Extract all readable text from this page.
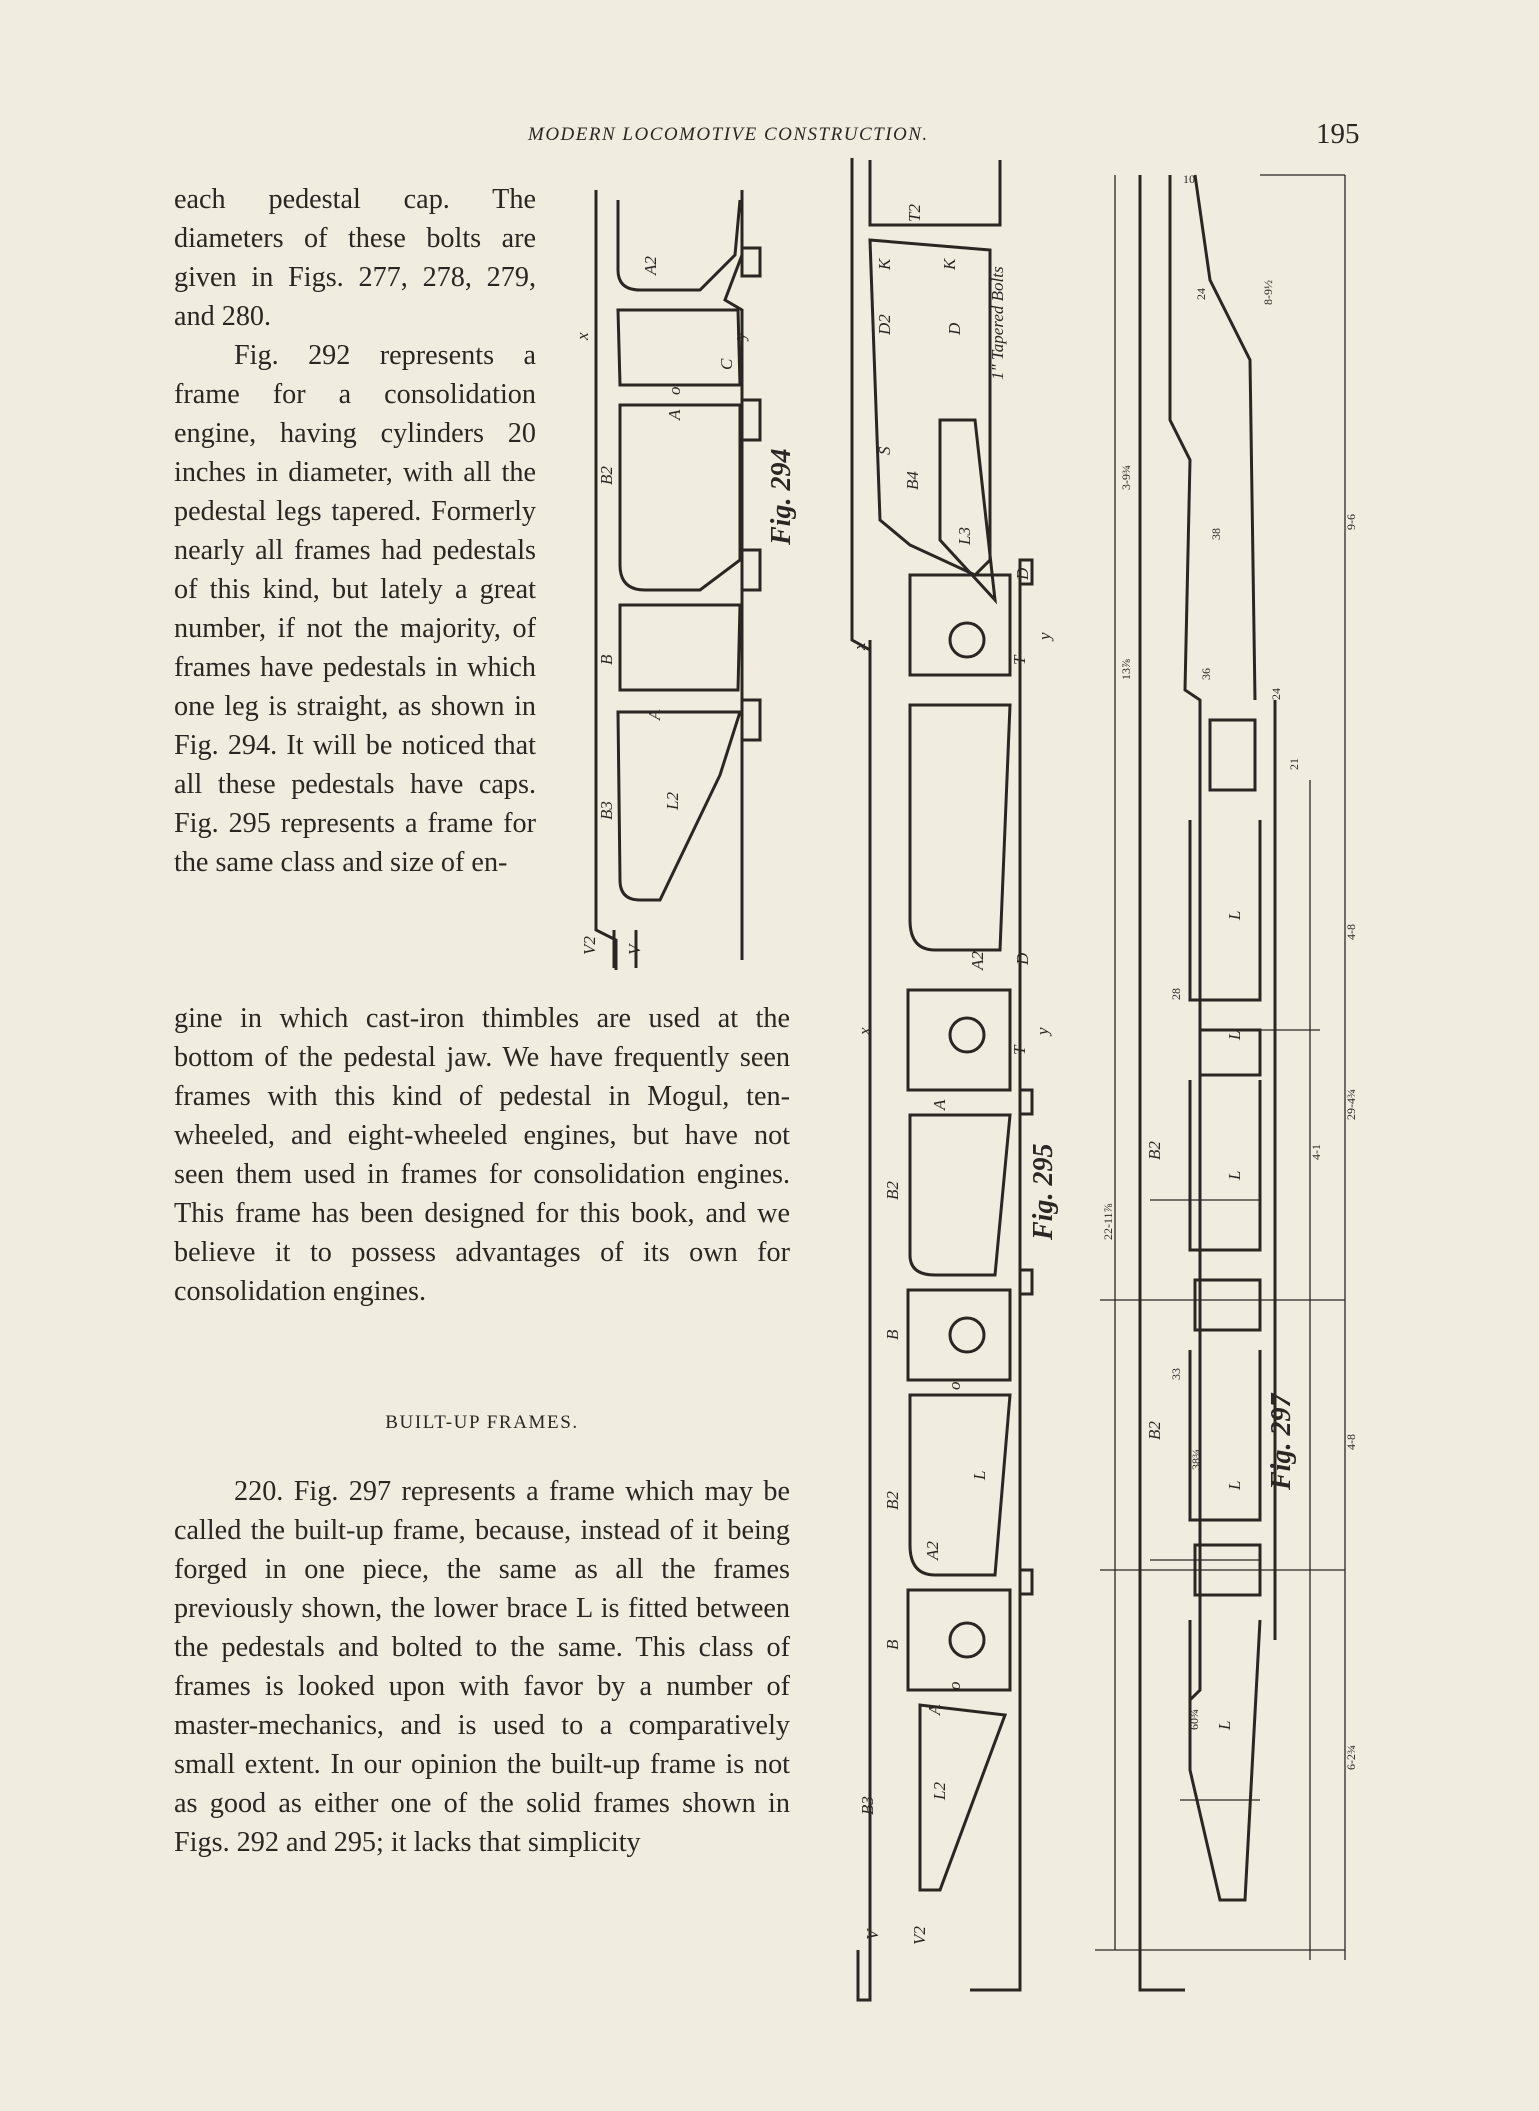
MODERN LOCOMOTIVE CONSTRUCTION.	195

each pedestal cap. The diameters of these bolts are given in Figs. 277, 278, 279, and 280.

Fig. 292 represents a frame for a consolidation engine, having cylinders 20 inches in diameter, with all the pedestal legs tapered. Formerly nearly all frames had pedestals of this kind, but lately a great number, if not the majority, of frames have pedestals in which one leg is straight, as shown in Fig. 294. It will be noticed that all these pedestals have caps. Fig. 295 represents a frame for the same class and size of en-

gine in which cast-iron thimbles are used at the bottom of the pedestal jaw. We have frequently seen frames with this kind of pedestal in Mogul, ten-wheeled, and eight-wheeled engines, but have not seen them used in frames for consolidation engines. This frame has been designed for this book, and we believe it to possess advantages of its own for consolidation engines.

BUILT-UP FRAMES.

220. Fig. 297 represents a frame which may be called the built-up frame, because, instead of it being forged in one piece, the same as all the frames previously shown, the lower brace L is fitted between the pedestals and bolted to the same. This class of frames is looked upon with favor by a number of master-mechanics, and is used to a comparatively small extent. In our opinion the built-up frame is not as good as either one of the solid frames shown in Figs. 292 and 295; it lacks that simplicity

Fig. 294
Fig. 295
Fig. 297
1" Tapered Bolts
A2
C
y
x
B2
A
o
B
A
B3
L2
V2 V
T2
K	K
D2	D
S
B4
L3
D
T
y
x
A2 D
T
y
x
A
B2
B
o
L
B2
A2
B
o
A
L2
B3
V V2
L
L
L
B2
B2
L
L
10
3-9¾
9-6
8-9½
4-8
4-1
4-8
6-2¾
29-4¾
22-11⅞
13⅞
33
38¾
60¾
28
21
24
38
36
24
